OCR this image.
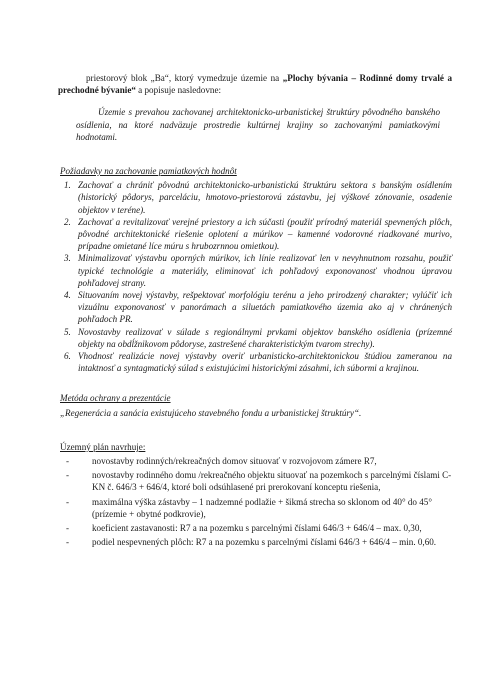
priestorový blok „Ba“, ktorý vymedzuje územie na „Plochy bývania – Rodinné domy trvalé a prechodné bývanie“ a popisuje nasledovne:

Územie s prevahou zachovanej architektonicko-urbanistickej štruktúry pôvodného banského osídlenia, na ktoré nadväzuje prostredie kultúrnej krajiny so zachovanými pamiatkovými hodnotami.

Požiadavky na zachovanie pamiatkových hodnôt

1. Zachovať a chrániť pôvodnú architektonicko-urbanistickú štruktúru sektora s banským osídlením (historický pôdorys, parceláciu, hmotovo-priestorovú zástavbu, jej výškové zónovanie, osadenie objektov v teréne).
2. Zachovať a revitalizovať verejné priestory a ich súčasti (použiť prírodný materiál spevnených plôch, pôvodné architektonické riešenie oplotení a múrikov – kamenné vodorovné riadkované murivo, prípadne omietané líce múru s hrubozrnnou omietkou).
3. Minimalizovať výstavbu oporných múrikov, ich línie realizovať len v nevyhnutnom rozsahu, použiť typické technológie a materiály, eliminovať ich pohľadový exponovanosť vhodnou úpravou pohľadovej strany.
4. Situovaním novej výstavby, rešpektovať morfológiu terénu a jeho prirodzený charakter; vylúčiť ich vizuálnu exponovanosť v panorámach a siluetách pamiatkového územia ako aj v chránených pohľadoch PR.
5. Novostavby realizovať v súlade s regionálnymi prvkami objektov banského osídlenia (prízemné objekty na obdĺžnikovom pôdoryse, zastrešené charakteristickým tvarom strechy).
6. Vhodnosť realizácie novej výstavby overiť urbanisticko-architektonickou štúdiou zameranou na intaktnosť a syntagmatický súlad s existujúcimi historickými zásahmi, ich súbormi a krajinou.

Metóda ochrany a prezentácie

„Regenerácia a sanácia existujúceho stavebného fondu a urbanistickej štruktúry“.

Územný plán navrhuje:

-	novostavby rodinných/rekreačných domov situovať v rozvojovom zámere R7,
-	novostavby rodinného domu /rekreačného objektu situovať na pozemkoch s parcelnými číslami C-KN č. 646/3 + 646/4, ktoré boli odsúhlasené pri prerokovaní konceptu riešenia,
-	maximálna výška zástavby – 1 nadzemné podlažie + šikmá strecha so sklonom od 40° do 45° (prízemie + obytné podkrovie),
-	koeficient zastavanosti: R7 a na pozemku s parcelnými číslami 646/3 + 646/4 – max. 0,30,
-	podiel nespevnených plôch: R7 a na pozemku s parcelnými číslami 646/3 + 646/4 – min. 0,60.
